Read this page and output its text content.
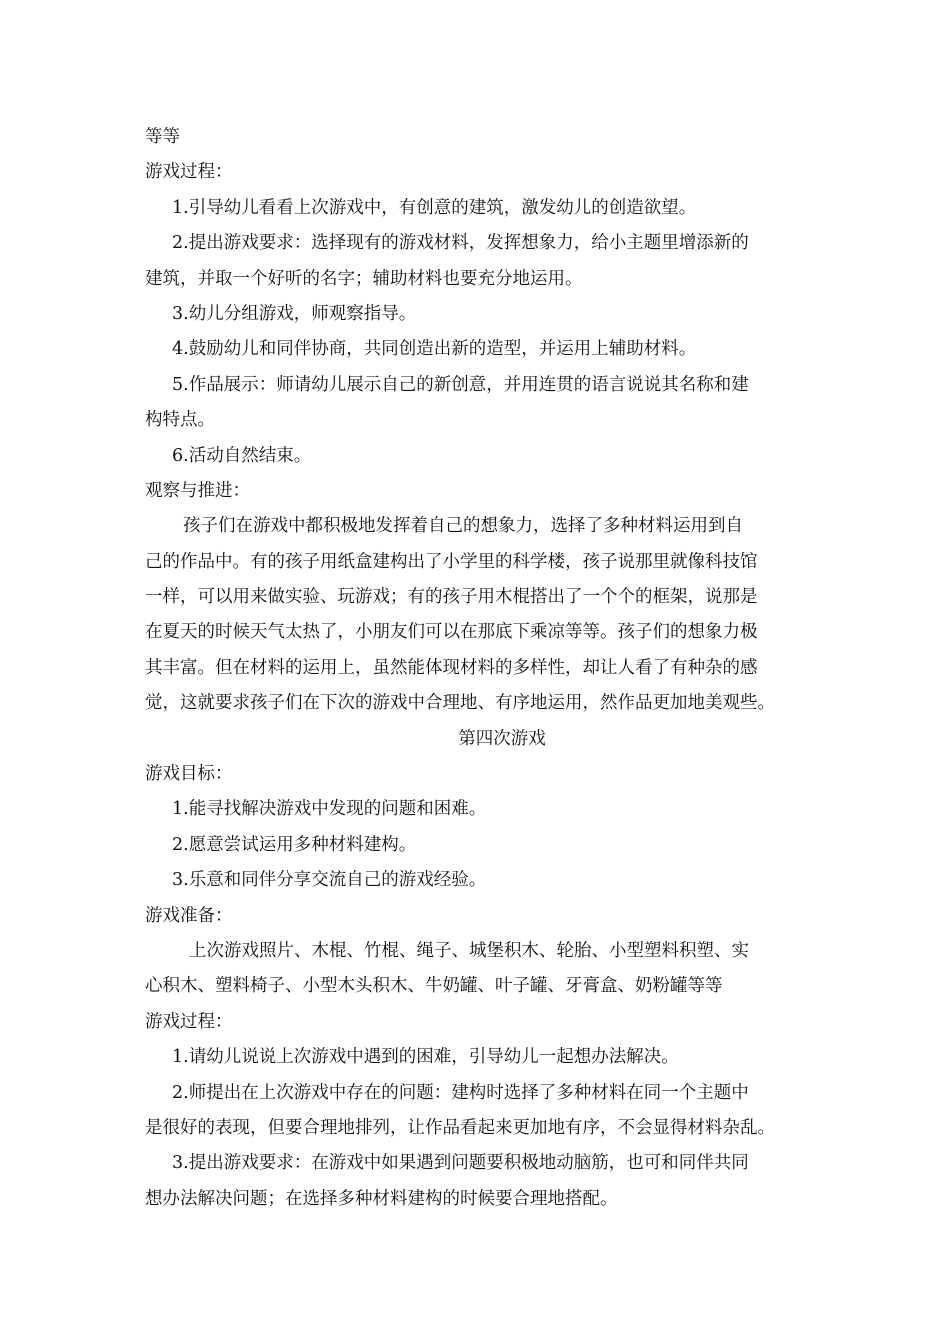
等等
游戏过程：
1.引导幼儿看看上次游戏中，有创意的建筑，激发幼儿的创造欲望。
2.提出游戏要求：选择现有的游戏材料，发挥想象力，给小主题里增添新的
建筑，并取一个好听的名字；辅助材料也要充分地运用。
3.幼儿分组游戏，师观察指导。
4.鼓励幼儿和同伴协商，共同创造出新的造型，并运用上辅助材料。
5.作品展示：师请幼儿展示自己的新创意，并用连贯的语言说说其名称和建
构特点。
6.活动自然结束。
观察与推进：
孩子们在游戏中都积极地发挥着自己的想象力，选择了多种材料运用到自
己的作品中。有的孩子用纸盒建构出了小学里的科学楼，孩子说那里就像科技馆
一样，可以用来做实验、玩游戏；有的孩子用木棍搭出了一个个的框架，说那是
在夏天的时候天气太热了，小朋友们可以在那底下乘凉等等。孩子们的想象力极
其丰富。但在材料的运用上，虽然能体现材料的多样性，却让人看了有种杂的感
觉，这就要求孩子们在下次的游戏中合理地、有序地运用，然作品更加地美观些。
第四次游戏
游戏目标：
1.能寻找解决游戏中发现的问题和困难。
2.愿意尝试运用多种材料建构。
3.乐意和同伴分享交流自己的游戏经验。
游戏准备：
上次游戏照片、木棍、竹棍、绳子、城堡积木、轮胎、小型塑料积塑、实
心积木、塑料椅子、小型木头积木、牛奶罐、叶子罐、牙膏盒、奶粉罐等等
游戏过程：
1.请幼儿说说上次游戏中遇到的困难，引导幼儿一起想办法解决。
2.师提出在上次游戏中存在的问题：建构时选择了多种材料在同一个主题中
是很好的表现，但要合理地排列，让作品看起来更加地有序，不会显得材料杂乱。
3.提出游戏要求：在游戏中如果遇到问题要积极地动脑筋，也可和同伴共同
想办法解决问题；在选择多种材料建构的时候要合理地搭配。
